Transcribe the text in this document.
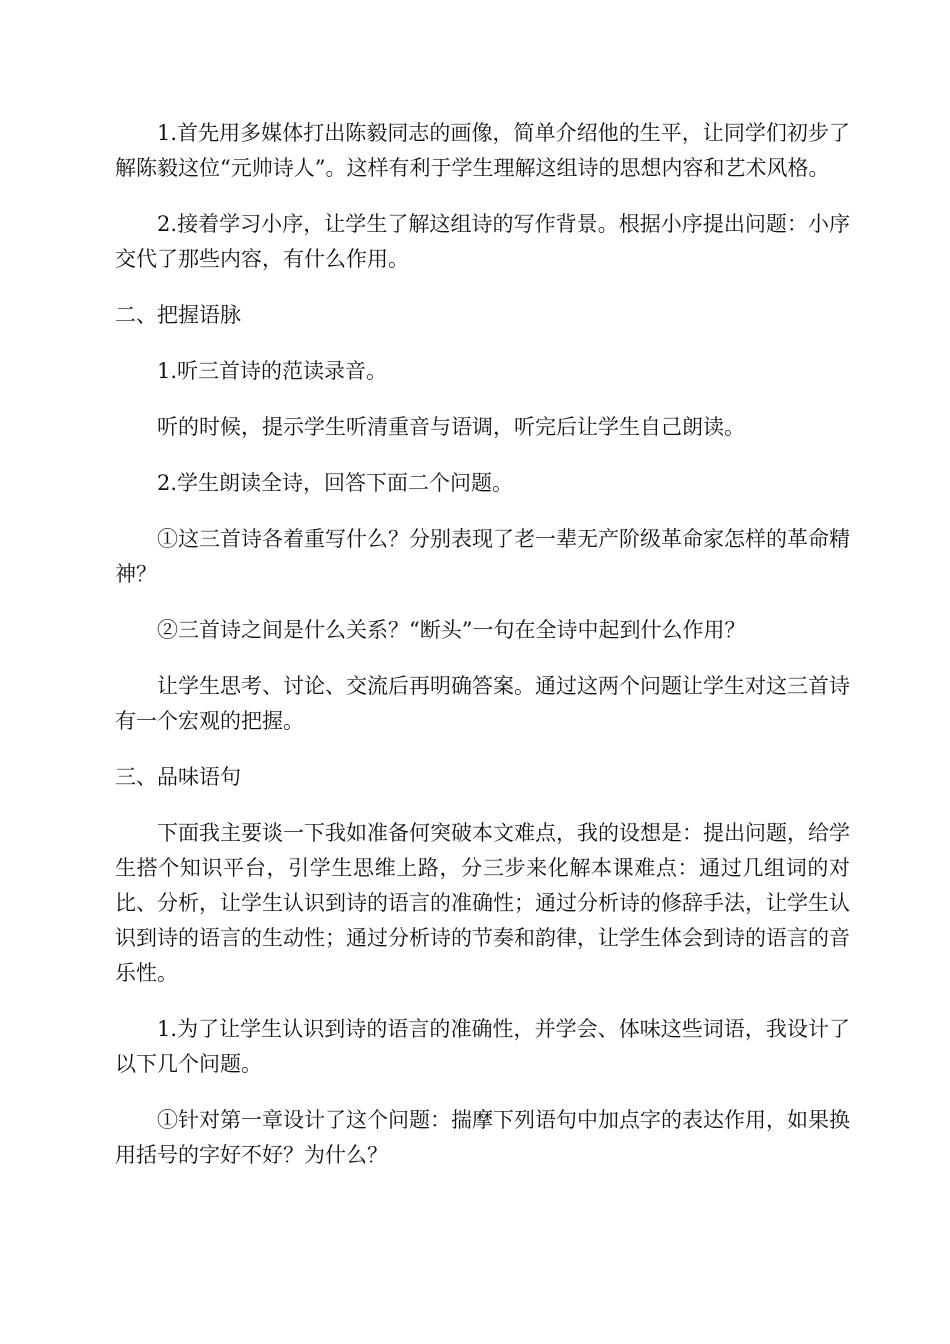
1.首先用多媒体打出陈毅同志的画像，简单介绍他的生平，让同学们初步了解陈毅这位“元帅诗人”。这样有利于学生理解这组诗的思想内容和艺术风格。

2.接着学习小序，让学生了解这组诗的写作背景。根据小序提出问题：小序交代了那些内容，有什么作用。

二、把握语脉

1.听三首诗的范读录音。

听的时候，提示学生听清重音与语调，听完后让学生自己朗读。

2.学生朗读全诗，回答下面二个问题。

①这三首诗各着重写什么？分别表现了老一辈无产阶级革命家怎样的革命精神？

②三首诗之间是什么关系？“断头”一句在全诗中起到什么作用？

让学生思考、讨论、交流后再明确答案。通过这两个问题让学生对这三首诗有一个宏观的把握。

三、品味语句

下面我主要谈一下我如准备何突破本文难点，我的设想是：提出问题，给学生搭个知识平台，引学生思维上路，分三步来化解本课难点：通过几组词的对比、分析，让学生认识到诗的语言的准确性；通过分析诗的修辞手法，让学生认识到诗的语言的生动性；通过分析诗的节奏和韵律，让学生体会到诗的语言的音乐性。

1.为了让学生认识到诗的语言的准确性，并学会、体味这些词语，我设计了以下几个问题。

①针对第一章设计了这个问题：揣摩下列语句中加点字的表达作用，如果换用括号的字好不好？为什么？
